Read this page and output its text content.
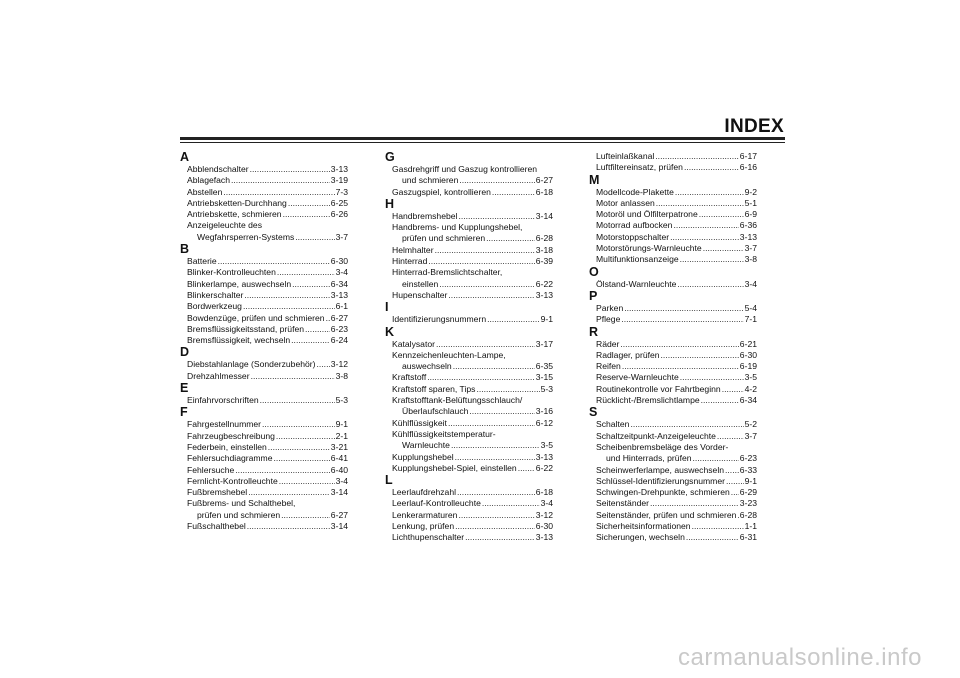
INDEX
A
Abblendschalter .....	3-13
Ablagefach .....	3-19
Abstellen .....	7-3
Antriebsketten-Durchhang .....	6-25
Antriebskette, schmieren .....	6-26
Anzeigeleuchte des
Wegfahrsperren-Systems .....	3-7
B
Batterie .....	6-30
Blinker-Kontrolleuchten .....	3-4
Blinkerlampe, auswechseln .....	6-34
Blinkerschalter .....	3-13
Bordwerkzeug .....	6-1
Bowdenzüge, prüfen und schmieren ..... 6-27
Bremsflüssigkeitsstand, prüfen .....	6-23
Bremsflüssigkeit, wechseln .....	6-24
D
Diebstahlanlage (Sonderzubehör) ..... 3-12
Drehzahlmesser .....	3-8
E
Einfahrvorschriften .....	5-3
F
Fahrgestellnummer .....	9-1
Fahrzeugbeschreibung .....	2-1
Federbein, einstellen .....	3-21
Fehlersuchdiagramme .....	6-41
Fehlersuche .....	6-40
Fernlicht-Kontrolleuchte .....	3-4
Fußbremshebel .....	3-14
Fußbrems- und Schalthebel,
prüfen und schmieren .....	6-27
Fußschalthebel .....	3-14
G
Gasdrehgriff und Gaszug kontrollieren
und schmieren .....	6-27
Gaszugspiel, kontrollieren .....	6-18
H
Handbremshebel .....	3-14
Handbrems- und Kupplungshebel,
prüfen und schmieren .....	6-28
Helmhalter .....	3-18
Hinterrad .....	6-39
Hinterrad-Bremslichtschalter,
einstellen .....	6-22
Hupenschalter .....	3-13
I
Identifizierungsnummern .....	9-1
K
Katalysator .....	3-17
Kennzeichenleuchten-Lampe,
auswechseln .....	6-35
Kraftstoff .....	3-15
Kraftstoff sparen, Tips .....	5-3
Kraftstofftank-Belüftungsschlauch/
Überlaufschlauch .....	3-16
Kühlflüssigkeit .....	6-12
Kühlflüssigkeitstemperatur-
Warnleuchte .....	3-5
Kupplungshebel .....	3-13
Kupplungshebel-Spiel, einstellen ..... 6-22
L
Leerlaufdrehzahl .....	6-18
Leerlauf-Kontrolleuchte .....	3-4
Lenkerarmaturen .....	3-12
Lenkung, prüfen .....	6-30
Lichthupenschalter .....	3-13
Lufteinlaßkanal .....	6-17
Luftfiltereinsatz, prüfen .....	6-16
M
Modellcode-Plakette .....	9-2
Motor anlassen .....	5-1
Motoröl und Ölfilterpatrone .....	6-9
Motorrad aufbocken .....	6-36
Motorstoppschalter .....	3-13
Motorstörungs-Warnleuchte .....	3-7
Multifunktionsanzeige .....	3-8
O
Ölstand-Warnleuchte .....	3-4
P
Parken .....	5-4
Pflege .....	7-1
R
Räder .....	6-21
Radlager, prüfen .....	6-30
Reifen .....	6-19
Reserve-Warnleuchte .....	3-5
Routinekontrolle vor Fahrtbeginn .....	4-2
Rücklicht-/Bremslichtlampe .....	6-34
S
Schalten .....	5-2
Schaltzeitpunkt-Anzeigeleuchte .....	3-7
Scheibenbremsbeläge des Vorder-
und Hinterrads, prüfen .....	6-23
Scheinwerferlampe, auswechseln ..... 6-33
Schlüssel-Identifizierungsnummer ..... 9-1
Schwingen-Drehpunkte, schmieren ..... 6-29
Seitenständer .....	3-23
Seitenständer, prüfen und schmieren ..... 6-28
Sicherheitsinformationen .....	1-1
Sicherungen, wechseln .....	6-31
carmanualsonline.info
